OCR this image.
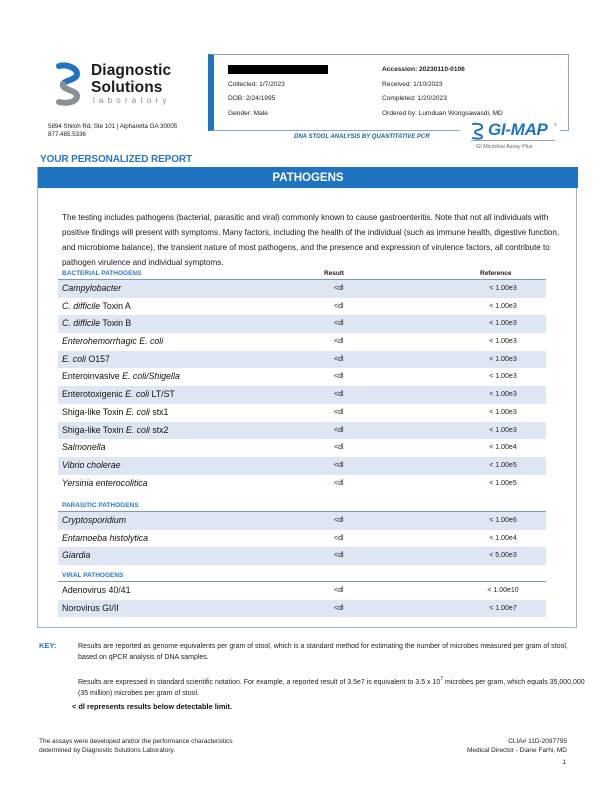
Diagnostic
Solutions
laboratory
5894 Shiloh Rd, Ste 101 | Alpharetta GA 30005
877.485.5336
Collected: 1/7/2023
DOB: 2/24/1995
Gender: Male
Accession: 20230110-0106
Received: 1/10/2023
Completed: 1/20/2023
Ordered by: Lumduan Wongsawasdi, MD
DNA STOOL ANALYSIS BY QUANTITATIVE PCR	GI-MAP ®
GI Microbial Assay Plus
YOUR PERSONALIZED REPORT
PATHOGENS
The testing includes pathogens (bacterial, parasitic and viral) commonly known to cause gastroenteritis. Note that not all individuals with positive findings will present with symptoms. Many factors, including the health of the individual (such as immune health, digestive function, and microbiome balance), the transient nature of most pathogens, and the presence and expression of virulence factors, all contribute to pathogen virulence and individual symptoms.
BACTERIAL PATHOGENS	Result	Reference
Campylobacter	<dl	< 1.00e3
C. difficile Toxin A	<dl	< 1.00e3
C. difficile Toxin B	<dl	< 1.00e3
Enterohemorrhagic E. coli	<dl	< 1.00e3
E. coli O157	<dl	< 1.00e3
Enteroinvasive E. coli/Shigella	<dl	< 1.00e3
Enterotoxigenic E. coli LT/ST	<dl	< 1.00e3
Shiga-like Toxin E. coli stx1	<dl	< 1.00e3
Shiga-like Toxin E. coli stx2	<dl	< 1.00e3
Salmonella	<dl	< 1.00e4
Vibrio cholerae	<dl	< 1.00e5
Yersinia enterocolitica	<dl	< 1.00e5
PARASITIC PATHOGENS
Cryptosporidium	<dl	< 1.00e6
Entamoeba histolytica	<dl	< 1.00e4
Giardia	<dl	< 5.00e3
VIRAL PATHOGENS
Adenovirus 40/41	<dl	< 1.00e10
Norovirus GI/II	<dl	< 1.00e7
KEY:	Results are reported as genome equivalents per gram of stool, which is a standard method for estimating the number of microbes measured per gram of stool, based on qPCR analysis of DNA samples.
Results are expressed in standard scientific notation. For example, a reported result of 3.5e7 is equivalent to 3.5 x $10^7$ microbes per gram, which equals 35,000,000 (35 million) microbes per gram of stool.
< dl represents results below detectable limit.
The assays were developed and/or the performance characteristics
determined by Diagnostic Solutions Laboratory.
CLIA# 11D-2097795
Medical Director - Diane Farhi, MD
1
